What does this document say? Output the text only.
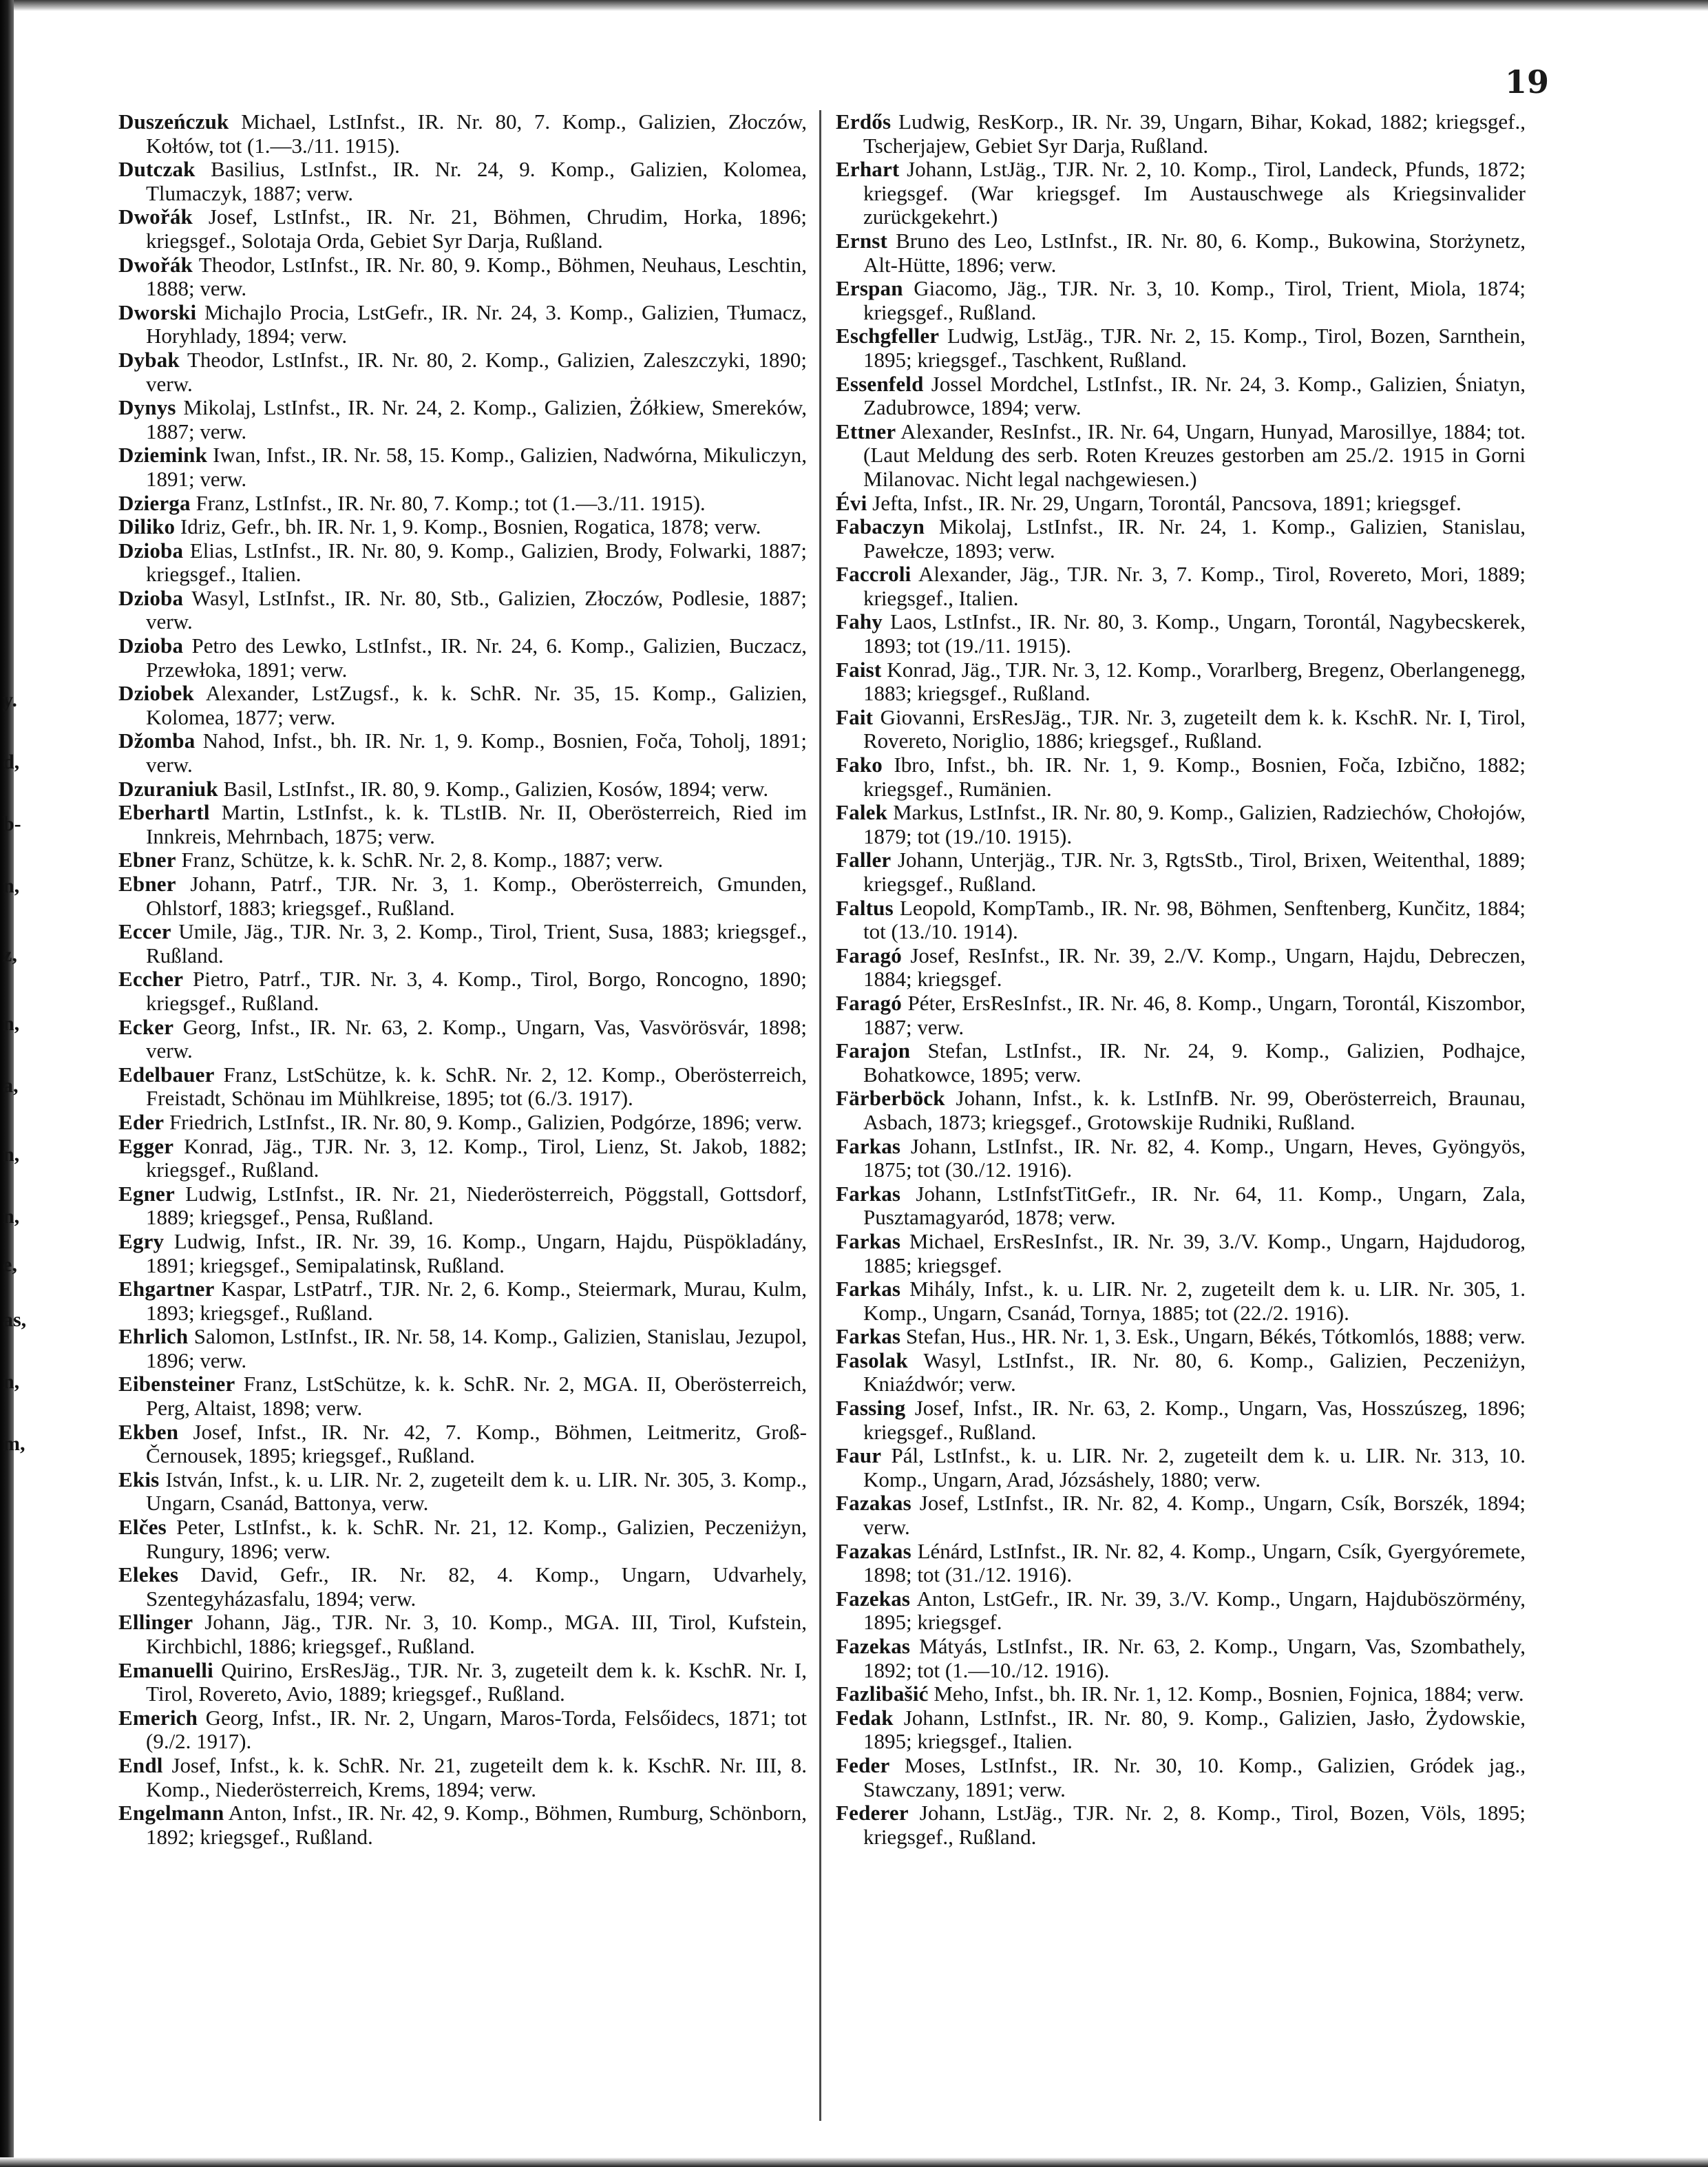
19
y.
d,
b-
n,
z,
n,
a,
n,
n,
e,
as,
n,
m,

Duszeńczuk Michael, LstInfst., IR. Nr. 80, 7. Komp., Galizien, Złoczów, Kołtów, tot (1.—3./11. 1915).

Dutczak Basilius, LstInfst., IR. Nr. 24, 9. Komp., Galizien, Kolomea, Tlumaczyk, 1887; verw.

Dwořák Josef, LstInfst., IR. Nr. 21, Böhmen, Chrudim, Horka, 1896; kriegsgef., Solotaja Orda, Gebiet Syr Darja, Rußland.

Dwořák Theodor, LstInfst., IR. Nr. 80, 9. Komp., Böhmen, Neuhaus, Leschtin, 1888; verw.

Dworski Michajlo Procia, LstGefr., IR. Nr. 24, 3. Komp., Galizien, Tłumacz, Horyhlady, 1894; verw.

Dybak Theodor, LstInfst., IR. Nr. 80, 2. Komp., Galizien, Zaleszczyki, 1890; verw.

Dynys Mikolaj, LstInfst., IR. Nr. 24, 2. Komp., Galizien, Żółkiew, Smereków, 1887; verw.

Dziemink Iwan, Infst., IR. Nr. 58, 15. Komp., Galizien, Nadwórna, Mikuliczyn, 1891; verw.

Dzierga Franz, LstInfst., IR. Nr. 80, 7. Komp.; tot (1.—3./11. 1915).

Diliko Idriz, Gefr., bh. IR. Nr. 1, 9. Komp., Bosnien, Rogatica, 1878; verw.

Dzioba Elias, LstInfst., IR. Nr. 80, 9. Komp., Galizien, Brody, Folwarki, 1887; kriegsgef., Italien.

Dzioba Wasyl, LstInfst., IR. Nr. 80, Stb., Galizien, Złoczów, Podlesie, 1887; verw.

Dzioba Petro des Lewko, LstInfst., IR. Nr. 24, 6. Komp., Galizien, Buczacz, Przewłoka, 1891; verw.

Dziobek Alexander, LstZugsf., k. k. SchR. Nr. 35, 15. Komp., Galizien, Kolomea, 1877; verw.

Džomba Nahod, Infst., bh. IR. Nr. 1, 9. Komp., Bosnien, Foča, Toholj, 1891; verw.

Dzuraniuk Basil, LstInfst., IR. 80, 9. Komp., Galizien, Kosów, 1894; verw.

Eberhartl Martin, LstInfst., k. k. TLstIB. Nr. II, Oberösterreich, Ried im Innkreis, Mehrnbach, 1875; verw.

Ebner Franz, Schütze, k. k. SchR. Nr. 2, 8. Komp., 1887; verw.

Ebner Johann, Patrf., TJR. Nr. 3, 1. Komp., Oberösterreich, Gmunden, Ohlstorf, 1883; kriegsgef., Rußland.

Eccer Umile, Jäg., TJR. Nr. 3, 2. Komp., Tirol, Trient, Susa, 1883; kriegsgef., Rußland.

Eccher Pietro, Patrf., TJR. Nr. 3, 4. Komp., Tirol, Borgo, Roncogno, 1890; kriegsgef., Rußland.

Ecker Georg, Infst., IR. Nr. 63, 2. Komp., Ungarn, Vas, Vasvörösvár, 1898; verw.

Edelbauer Franz, LstSchütze, k. k. SchR. Nr. 2, 12. Komp., Oberösterreich, Freistadt, Schönau im Mühlkreise, 1895; tot (6./3. 1917).

Eder Friedrich, LstInfst., IR. Nr. 80, 9. Komp., Galizien, Podgórze, 1896; verw.

Egger Konrad, Jäg., TJR. Nr. 3, 12. Komp., Tirol, Lienz, St. Jakob, 1882; kriegsgef., Rußland.

Egner Ludwig, LstInfst., IR. Nr. 21, Niederösterreich, Pöggstall, Gottsdorf, 1889; kriegsgef., Pensa, Rußland.

Egry Ludwig, Infst., IR. Nr. 39, 16. Komp., Ungarn, Hajdu, Püspökladány, 1891; kriegsgef., Semipalatinsk, Rußland.

Ehgartner Kaspar, LstPatrf., TJR. Nr. 2, 6. Komp., Steiermark, Murau, Kulm, 1893; kriegsgef., Rußland.

Ehrlich Salomon, LstInfst., IR. Nr. 58, 14. Komp., Galizien, Stanislau, Jezupol, 1896; verw.

Eibensteiner Franz, LstSchütze, k. k. SchR. Nr. 2, MGA. II, Oberösterreich, Perg, Altaist, 1898; verw.

Ekben Josef, Infst., IR. Nr. 42, 7. Komp., Böhmen, Leitmeritz, Groß-Černousek, 1895; kriegsgef., Rußland.

Ekis István, Infst., k. u. LIR. Nr. 2, zugeteilt dem k. u. LIR. Nr. 305, 3. Komp., Ungarn, Csanád, Battonya, verw.

Elčes Peter, LstInfst., k. k. SchR. Nr. 21, 12. Komp., Galizien, Peczeniżyn, Rungury, 1896; verw.

Elekes David, Gefr., IR. Nr. 82, 4. Komp., Ungarn, Udvarhely, Szentegyházasfalu, 1894; verw.

Ellinger Johann, Jäg., TJR. Nr. 3, 10. Komp., MGA. III, Tirol, Kufstein, Kirchbichl, 1886; kriegsgef., Rußland.

Emanuelli Quirino, ErsResJäg., TJR. Nr. 3, zugeteilt dem k. k. KschR. Nr. I, Tirol, Rovereto, Avio, 1889; kriegsgef., Rußland.

Emerich Georg, Infst., IR. Nr. 2, Ungarn, Maros-Torda, Felsőidecs, 1871; tot (9./2. 1917).

Endl Josef, Infst., k. k. SchR. Nr. 21, zugeteilt dem k. k. KschR. Nr. III, 8. Komp., Niederösterreich, Krems, 1894; verw.

Engelmann Anton, Infst., IR. Nr. 42, 9. Komp., Böhmen, Rumburg, Schönborn, 1892; kriegsgef., Rußland.

Erdős Ludwig, ResKorp., IR. Nr. 39, Ungarn, Bihar, Kokad, 1882; kriegsgef., Tscherjajew, Gebiet Syr Darja, Rußland.

Erhart Johann, LstJäg., TJR. Nr. 2, 10. Komp., Tirol, Landeck, Pfunds, 1872; kriegsgef. (War kriegsgef. Im Austauschwege als Kriegsinvalider zurückgekehrt.)

Ernst Bruno des Leo, LstInfst., IR. Nr. 80, 6. Komp., Bukowina, Storżynetz, Alt-Hütte, 1896; verw.

Erspan Giacomo, Jäg., TJR. Nr. 3, 10. Komp., Tirol, Trient, Miola, 1874; kriegsgef., Rußland.

Eschgfeller Ludwig, LstJäg., TJR. Nr. 2, 15. Komp., Tirol, Bozen, Sarnthein, 1895; kriegsgef., Taschkent, Rußland.

Essenfeld Jossel Mordchel, LstInfst., IR. Nr. 24, 3. Komp., Galizien, Śniatyn, Zadubrowce, 1894; verw.

Ettner Alexander, ResInfst., IR. Nr. 64, Ungarn, Hunyad, Marosillye, 1884; tot. (Laut Meldung des serb. Roten Kreuzes gestorben am 25./2. 1915 in Gorni Milanovac. Nicht legal nachgewiesen.)

Évi Jefta, Infst., IR. Nr. 29, Ungarn, Torontál, Pancsova, 1891; kriegsgef.

Fabaczyn Mikolaj, LstInfst., IR. Nr. 24, 1. Komp., Galizien, Stanislau, Pawełcze, 1893; verw.

Faccroli Alexander, Jäg., TJR. Nr. 3, 7. Komp., Tirol, Rovereto, Mori, 1889; kriegsgef., Italien.

Fahy Laos, LstInfst., IR. Nr. 80, 3. Komp., Ungarn, Torontál, Nagybecskerek, 1893; tot (19./11. 1915).

Faist Konrad, Jäg., TJR. Nr. 3, 12. Komp., Vorarlberg, Bregenz, Oberlangenegg, 1883; kriegsgef., Rußland.

Fait Giovanni, ErsResJäg., TJR. Nr. 3, zugeteilt dem k. k. KschR. Nr. I, Tirol, Rovereto, Noriglio, 1886; kriegsgef., Rußland.

Fako Ibro, Infst., bh. IR. Nr. 1, 9. Komp., Bosnien, Foča, Izbično, 1882; kriegsgef., Rumänien.

Falek Markus, LstInfst., IR. Nr. 80, 9. Komp., Galizien, Radziechów, Chołojów, 1879; tot (19./10. 1915).

Faller Johann, Unterjäg., TJR. Nr. 3, RgtsStb., Tirol, Brixen, Weitenthal, 1889; kriegsgef., Rußland.

Faltus Leopold, KompTamb., IR. Nr. 98, Böhmen, Senftenberg, Kunčitz, 1884; tot (13./10. 1914).

Faragó Josef, ResInfst., IR. Nr. 39, 2./V. Komp., Ungarn, Hajdu, Debreczen, 1884; kriegsgef.

Faragó Péter, ErsResInfst., IR. Nr. 46, 8. Komp., Ungarn, Torontál, Kiszombor, 1887; verw.

Farajon Stefan, LstInfst., IR. Nr. 24, 9. Komp., Galizien, Podhajce, Bohatkowce, 1895; verw.

Färberböck Johann, Infst., k. k. LstInfB. Nr. 99, Oberösterreich, Braunau, Asbach, 1873; kriegsgef., Grotowskije Rudniki, Rußland.

Farkas Johann, LstInfst., IR. Nr. 82, 4. Komp., Ungarn, Heves, Gyöngyös, 1875; tot (30./12. 1916).

Farkas Johann, LstInfstTitGefr., IR. Nr. 64, 11. Komp., Ungarn, Zala, Pusztamagyaród, 1878; verw.

Farkas Michael, ErsResInfst., IR. Nr. 39, 3./V. Komp., Ungarn, Hajdudorog, 1885; kriegsgef.

Farkas Mihály, Infst., k. u. LIR. Nr. 2, zugeteilt dem k. u. LIR. Nr. 305, 1. Komp., Ungarn, Csanád, Tornya, 1885; tot (22./2. 1916).

Farkas Stefan, Hus., HR. Nr. 1, 3. Esk., Ungarn, Békés, Tótkomlós, 1888; verw.

Fasolak Wasyl, LstInfst., IR. Nr. 80, 6. Komp., Galizien, Peczeniżyn, Kniaźdwór; verw.

Fassing Josef, Infst., IR. Nr. 63, 2. Komp., Ungarn, Vas, Hosszúszeg, 1896; kriegsgef., Rußland.

Faur Pál, LstInfst., k. u. LIR. Nr. 2, zugeteilt dem k. u. LIR. Nr. 313, 10. Komp., Ungarn, Arad, Józsáshely, 1880; verw.

Fazakas Josef, LstInfst., IR. Nr. 82, 4. Komp., Ungarn, Csík, Borszék, 1894; verw.

Fazakas Lénárd, LstInfst., IR. Nr. 82, 4. Komp., Ungarn, Csík, Gyergyóremete, 1898; tot (31./12. 1916).

Fazekas Anton, LstGefr., IR. Nr. 39, 3./V. Komp., Ungarn, Hajduböszörmény, 1895; kriegsgef.

Fazekas Mátyás, LstInfst., IR. Nr. 63, 2. Komp., Ungarn, Vas, Szombathely, 1892; tot (1.—10./12. 1916).

Fazlibašić Meho, Infst., bh. IR. Nr. 1, 12. Komp., Bosnien, Fojnica, 1884; verw.

Fedak Johann, LstInfst., IR. Nr. 80, 9. Komp., Galizien, Jasło, Żydowskie, 1895; kriegsgef., Italien.

Feder Moses, LstInfst., IR. Nr. 30, 10. Komp., Galizien, Gródek jag., Stawczany, 1891; verw.

Federer Johann, LstJäg., TJR. Nr. 2, 8. Komp., Tirol, Bozen, Völs, 1895; kriegsgef., Rußland.
